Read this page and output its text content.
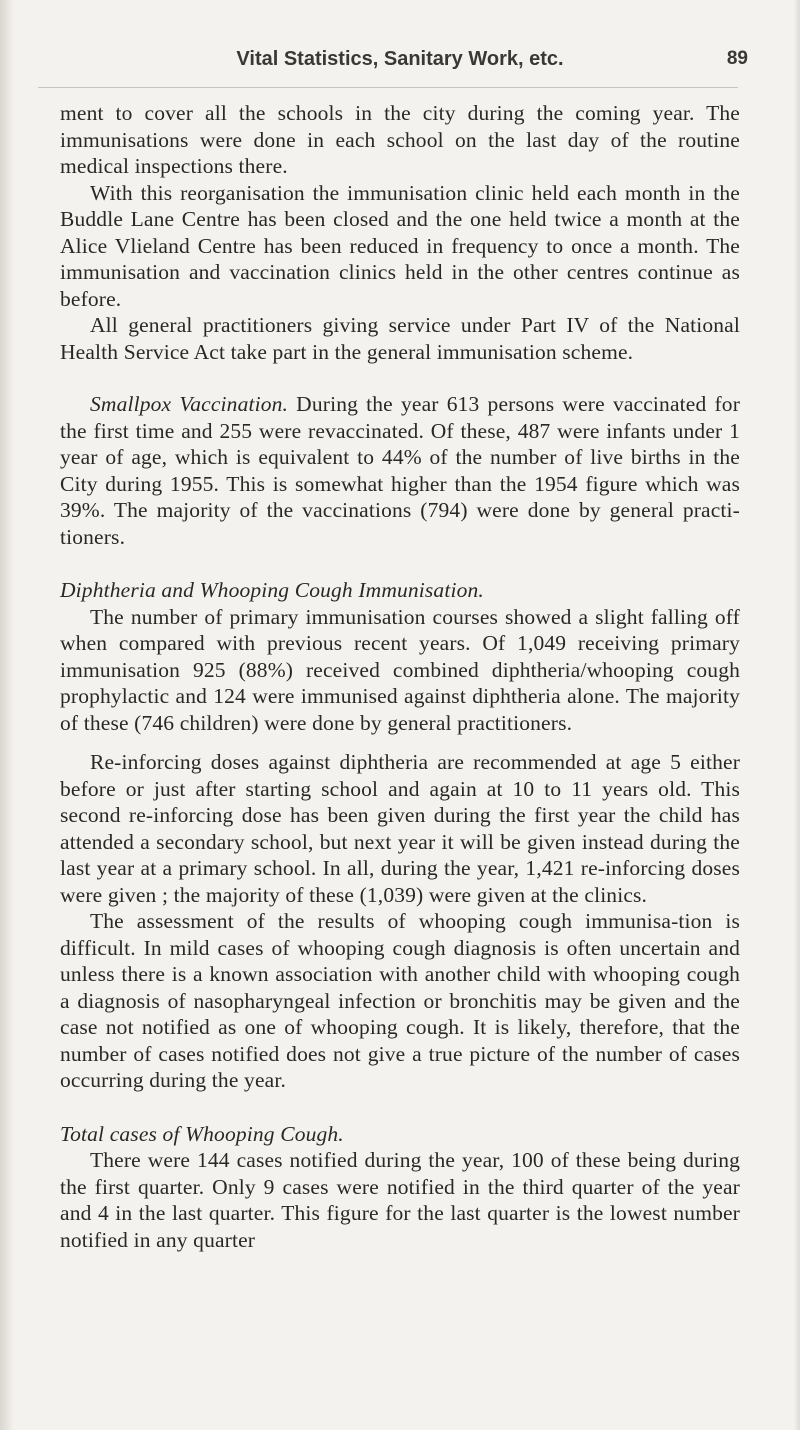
Vital Statistics, Sanitary Work, etc.	89

ment to cover all the schools in the city during the coming year. The immunisations were done in each school on the last day of the routine medical inspections there.

With this reorganisation the immunisation clinic held each month in the Buddle Lane Centre has been closed and the one held twice a month at the Alice Vlieland Centre has been reduced in frequency to once a month. The immunisation and vaccination clinics held in the other centres continue as before.

All general practitioners giving service under Part IV of the National Health Service Act take part in the general immunisation scheme.

Smallpox Vaccination. During the year 613 persons were vaccinated for the first time and 255 were revaccinated. Of these, 487 were infants under 1 year of age, which is equivalent to 44% of the number of live births in the City during 1955. This is somewhat higher than the 1954 figure which was 39%. The majority of the vaccinations (794) were done by general practi-tioners.

Diphtheria and Whooping Cough Immunisation.

The number of primary immunisation courses showed a slight falling off when compared with previous recent years. Of 1,049 receiving primary immunisation 925 (88%) received combined diphtheria/whooping cough prophylactic and 124 were immunised against diphtheria alone. The majority of these (746 children) were done by general practitioners.

Re-inforcing doses against diphtheria are recommended at age 5 either before or just after starting school and again at 10 to 11 years old. This second re-inforcing dose has been given during the first year the child has attended a secondary school, but next year it will be given instead during the last year at a primary school. In all, during the year, 1,421 re-inforcing doses were given ; the majority of these (1,039) were given at the clinics.

The assessment of the results of whooping cough immunisa-tion is difficult. In mild cases of whooping cough diagnosis is often uncertain and unless there is a known association with another child with whooping cough a diagnosis of nasopharyngeal infection or bronchitis may be given and the case not notified as one of whooping cough. It is likely, therefore, that the number of cases notified does not give a true picture of the number of cases occurring during the year.

Total cases of Whooping Cough.

There were 144 cases notified during the year, 100 of these being during the first quarter. Only 9 cases were notified in the third quarter of the year and 4 in the last quarter. This figure for the last quarter is the lowest number notified in any quarter
